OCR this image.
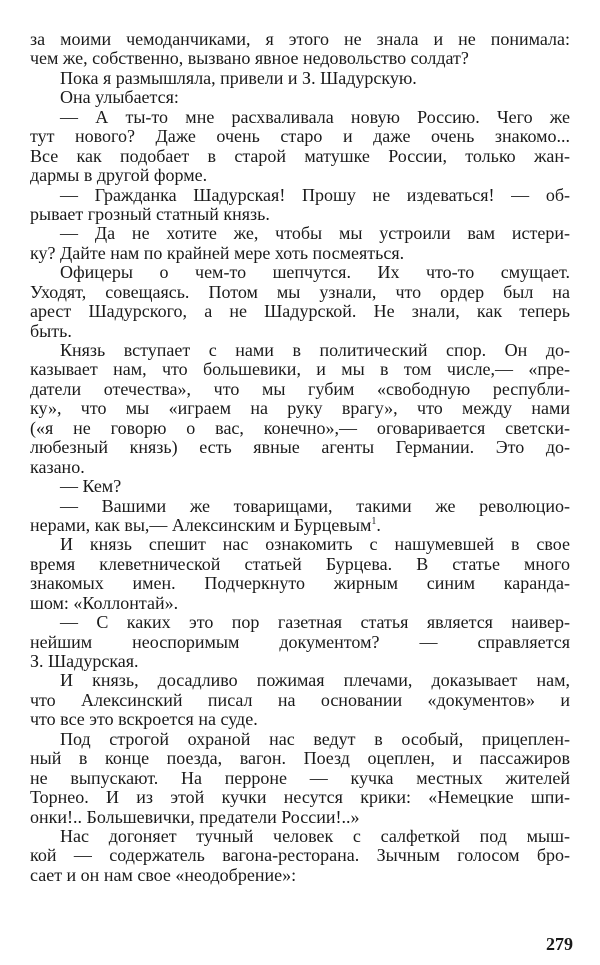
за моими чемоданчиками, я этого не знала и не понимала:
чем же, собственно, вызвано явное недовольство солдат?
Пока я размышляла, привели и З. Шадурскую.
Она улыбается:
— А ты-то мне расхваливала новую Россию. Чего же
тут нового? Даже очень старо и даже очень знакомо...
Все как подобает в старой матушке России, только жан-
дармы в другой форме.
— Гражданка Шадурская! Прошу не издеваться! — об-
рывает грозный статный князь.
— Да не хотите же, чтобы мы устроили вам истери-
ку? Дайте нам по крайней мере хоть посмеяться.
Офицеры о чем-то шепчутся. Их что-то смущает.
Уходят, совещаясь. Потом мы узнали, что ордер был на
арест Шадурского, а не Шадурской. Не знали, как теперь
быть.
Князь вступает с нами в политический спор. Он до-
казывает нам, что большевики, и мы в том числе,— «пре-
датели отечества», что мы губим «свободную республи-
ку», что мы «играем на руку врагу», что между нами
(«я не говорю о вас, конечно»,— оговаривается светски-
любезный князь) есть явные агенты Германии. Это до-
казано.
— Кем?
— Вашими же товарищами, такими же революцио-
нерами, как вы,— Алексинским и Бурцевым$^1$.
И князь спешит нас ознакомить с нашумевшей в свое
время клеветнической статьей Бурцева. В статье много
знакомых имен. Подчеркнуто жирным синим каранда-
шом: «Коллонтай».
— С каких это пор газетная статья является наивер-
нейшим неоспоримым документом? — справляется
З. Шадурская.
И князь, досадливо пожимая плечами, доказывает нам,
что Алексинский писал на основании «документов» и
что все это вскроется на суде.
Под строгой охраной нас ведут в особый, прицеплен-
ный в конце поезда, вагон. Поезд оцеплен, и пассажиров
не выпускают. На перроне — кучка местных жителей
Торнео. И из этой кучки несутся крики: «Немецкие шпи-
онки!.. Большевички, предатели России!..»
Нас догоняет тучный человек с салфеткой под мыш-
кой — содержатель вагона-ресторана. Зычным голосом бро-
сает и он нам свое «неодобрение»:
279
